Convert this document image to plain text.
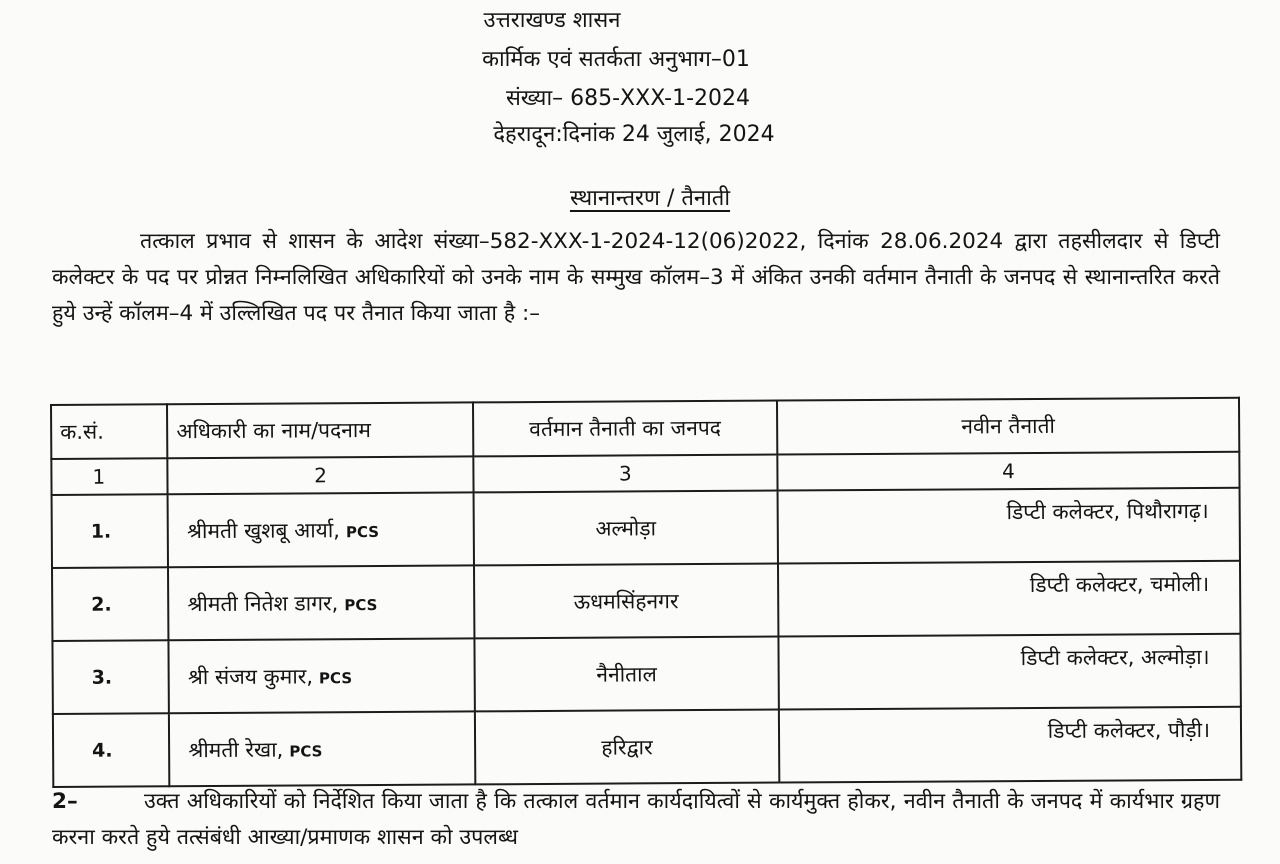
उत्तराखण्ड शासन
कार्मिक एवं सतर्कता अनुभाग–01
संख्या– 685-XXX-1-2024
देहरादून:दिनांक 24 जुलाई, 2024
स्थानान्तरण / तैनाती
तत्काल प्रभाव से शासन के आदेश संख्या–582-XXX-1-2024-12(06)2022, दिनांक 28.06.2024 द्वारा तहसीलदार से डिप्टी कलेक्टर के पद पर प्रोन्नत निम्नलिखित अधिकारियों को उनके नाम के सम्मुख कॉलम–3 में अंकित उनकी वर्तमान तैनाती के जनपद से स्थानान्तरित करते हुये उन्हें कॉलम–4 में उल्लिखित पद पर तैनात किया जाता है :–
क.सं.	अधिकारी का नाम/पदनाम	वर्तमान तैनाती का जनपद	नवीन तैनाती
1	2	3	4
1.	श्रीमती खुशबू आर्या, PCS	अल्मोड़ा	डिप्टी कलेक्टर, पिथौरागढ़।
2.	श्रीमती नितेश डागर, PCS	ऊधमसिंहनगर	डिप्टी कलेक्टर, चमोली।
3.	श्री संजय कुमार, PCS	नैनीताल	डिप्टी कलेक्टर, अल्मोड़ा।
4.	श्रीमती रेखा, PCS	हरिद्वार	डिप्टी कलेक्टर, पौड़ी।
2–	उक्त अधिकारियों को निर्देशित किया जाता है कि तत्काल वर्तमान कार्यदायित्वों से कार्यमुक्त होकर, नवीन तैनाती के जनपद में कार्यभार ग्रहण करना करते हुये तत्संबंधी आख्या/प्रमाणक शासन को उपलब्ध
